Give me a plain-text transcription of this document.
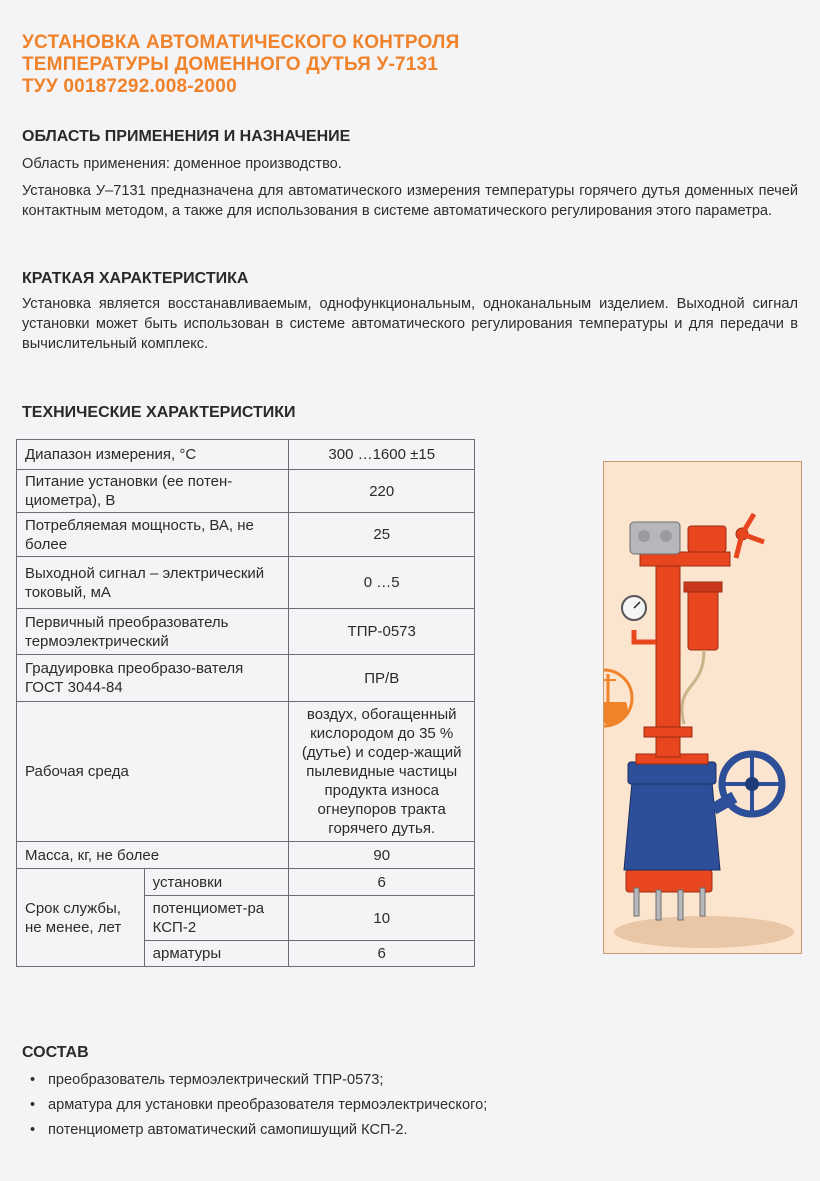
УСТАНОВКА АВТОМАТИЧЕСКОГО КОНТРОЛЯ
ТЕМПЕРАТУРЫ ДОМЕННОГО ДУТЬЯ У-7131
ТУУ 00187292.008-2000
ОБЛАСТЬ ПРИМЕНЕНИЯ И НАЗНАЧЕНИЕ

Область применения: доменное производство.

Установка У–7131 предназначена для автоматического измерения температуры горячего дутья доменных печей контактным методом, а также для использования в системе автоматического регулирования этого параметра.

КРАТКАЯ ХАРАКТЕРИСТИКА

Установка является восстанавливаемым, однофункциональным, одноканальным изделием. Выходной сигнал установки может быть использован в системе автоматического регулирования температуры и для передачи в вычислительный комплекс.

ТЕХНИЧЕСКИЕ ХАРАКТЕРИСТИКИ
Диапазон измерения, °С		300 …1600 ±15
Питание установки (ее потен-циометра), В		220
Потребляемая мощность, ВА, не более		25
Выходной сигнал – электрический токовый, мА		0 …5
Первичный преобразователь термоэлектрический		ТПР-0573
Градуировка преобразо-вателя ГОСТ 3044-84		ПР/В
Рабочая среда		воздух, обогащенный кислородом до 35 % (дутье) и содер-жащий пылевидные частицы продукта износа огнеупоров тракта горячего дутья.
Масса, кг, не более		90
Срок службы, не менее, лет	установки	6
	потенциомет-ра КСП-2	10
	арматуры	6
СОСТАВ
• преобразователь термоэлектрический ТПР-0573;
• арматура для установки преобразователя термоэлектрического;
• потенциометр автоматический самопишущий КСП-2.
